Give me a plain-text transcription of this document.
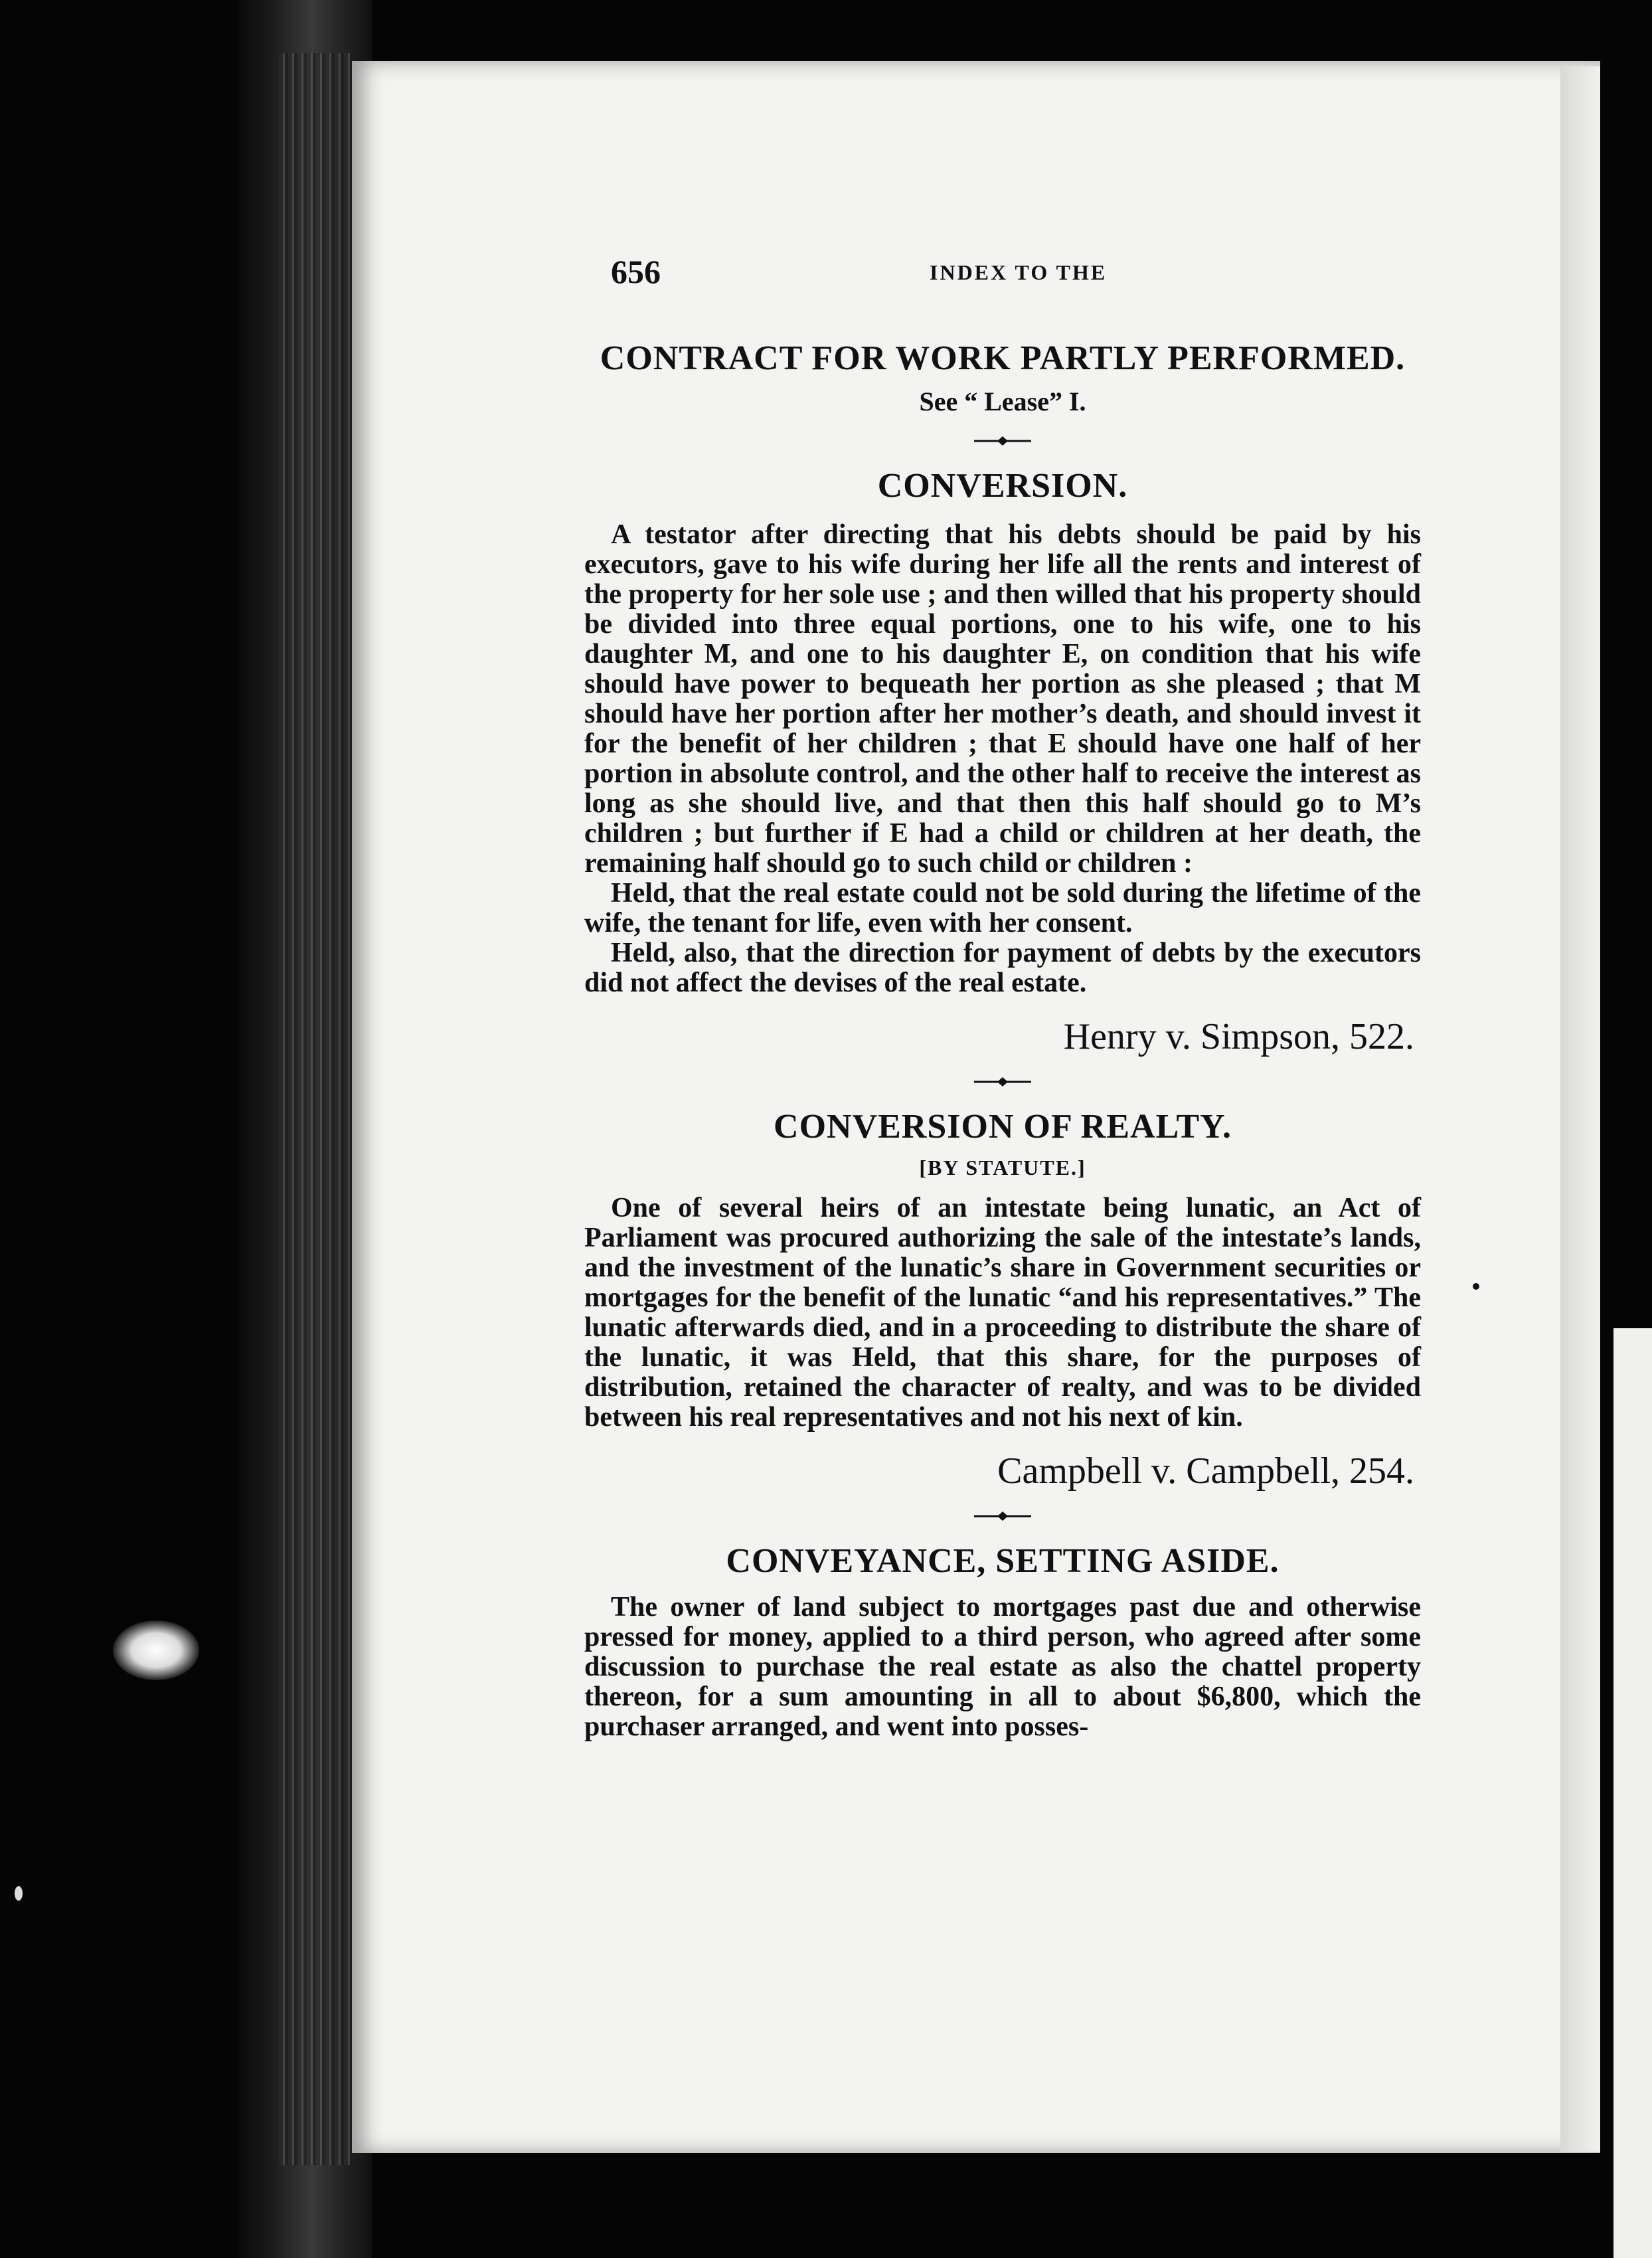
656	INDEX TO THE
CONTRACT FOR WORK PARTLY PERFORMED.

See “ Lease” I.

CONVERSION.

A testator after directing that his debts should be paid by his executors, gave to his wife during her life all the rents and interest of the property for her sole use ; and then willed that his property should be divided into three equal portions, one to his wife, one to his daughter M, and one to his daughter E, on condition that his wife should have power to bequeath her portion as she pleased ; that M should have her portion after her mother’s death, and should invest it for the benefit of her children ; that E should have one half of her portion in absolute control, and the other half to receive the interest as long as she should live, and that then this half should go to M’s children ; but further if E had a child or children at her death, the remaining half should go to such child or children :

Held, that the real estate could not be sold during the lifetime of the wife, the tenant for life, even with her consent.

Held, also, that the direction for payment of debts by the executors did not affect the devises of the real estate.

Henry v. Simpson, 522.

CONVERSION OF REALTY.

[BY STATUTE.]

One of several heirs of an intestate being lunatic, an Act of Parliament was procured authorizing the sale of the intestate’s lands, and the investment of the lunatic’s share in Government securities or mortgages for the benefit of the lunatic “and his representatives.” The lunatic afterwards died, and in a proceeding to distribute the share of the lunatic, it was Held, that this share, for the purposes of distribution, retained the character of realty, and was to be divided between his real representatives and not his next of kin.

Campbell v. Campbell, 254.

CONVEYANCE, SETTING ASIDE.

The owner of land subject to mortgages past due and otherwise pressed for money, applied to a third person, who agreed after some discussion to purchase the real estate as also the chattel property thereon, for a sum amounting in all to about $6,800, which the purchaser arranged, and went into posses-
